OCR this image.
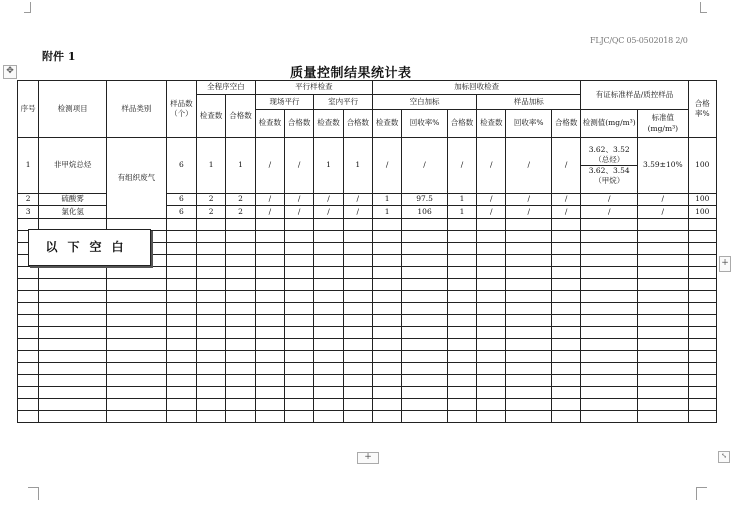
FLJC/QC 05-0502018 2/0
附件 1
质量控制结果统计表
✥
序号	检测项目	样品类别	样品数（个）	全程序空白		平行样检查				加标回收检查						有证标准样品/质控样品		合格率%
				检查数	合格数	现场平行		室内平行		空白加标			样品加标					
						检查数	合格数	检查数	合格数	检查数	回收率%	合格数	检查数	回收率%	合格数	检测值(mg/m³)	标准值(mg/m³)	
1	非甲烷总烃	有组织废气	6	1	1	/	/	1	1	/	/	/	/	/	/	3.62、3.52
（总烃）
3.62、3.54
（甲烷）	3.59±10%	100
2	硫酸雾		6	2	2	/	/	/	/	1	97.5	1	/	/	/	/	/	100
3	氯化氢		6	2	2	/	/	/	/	1	106	1	/	/	/	/	/	100

以下空白
+
+	⤡
